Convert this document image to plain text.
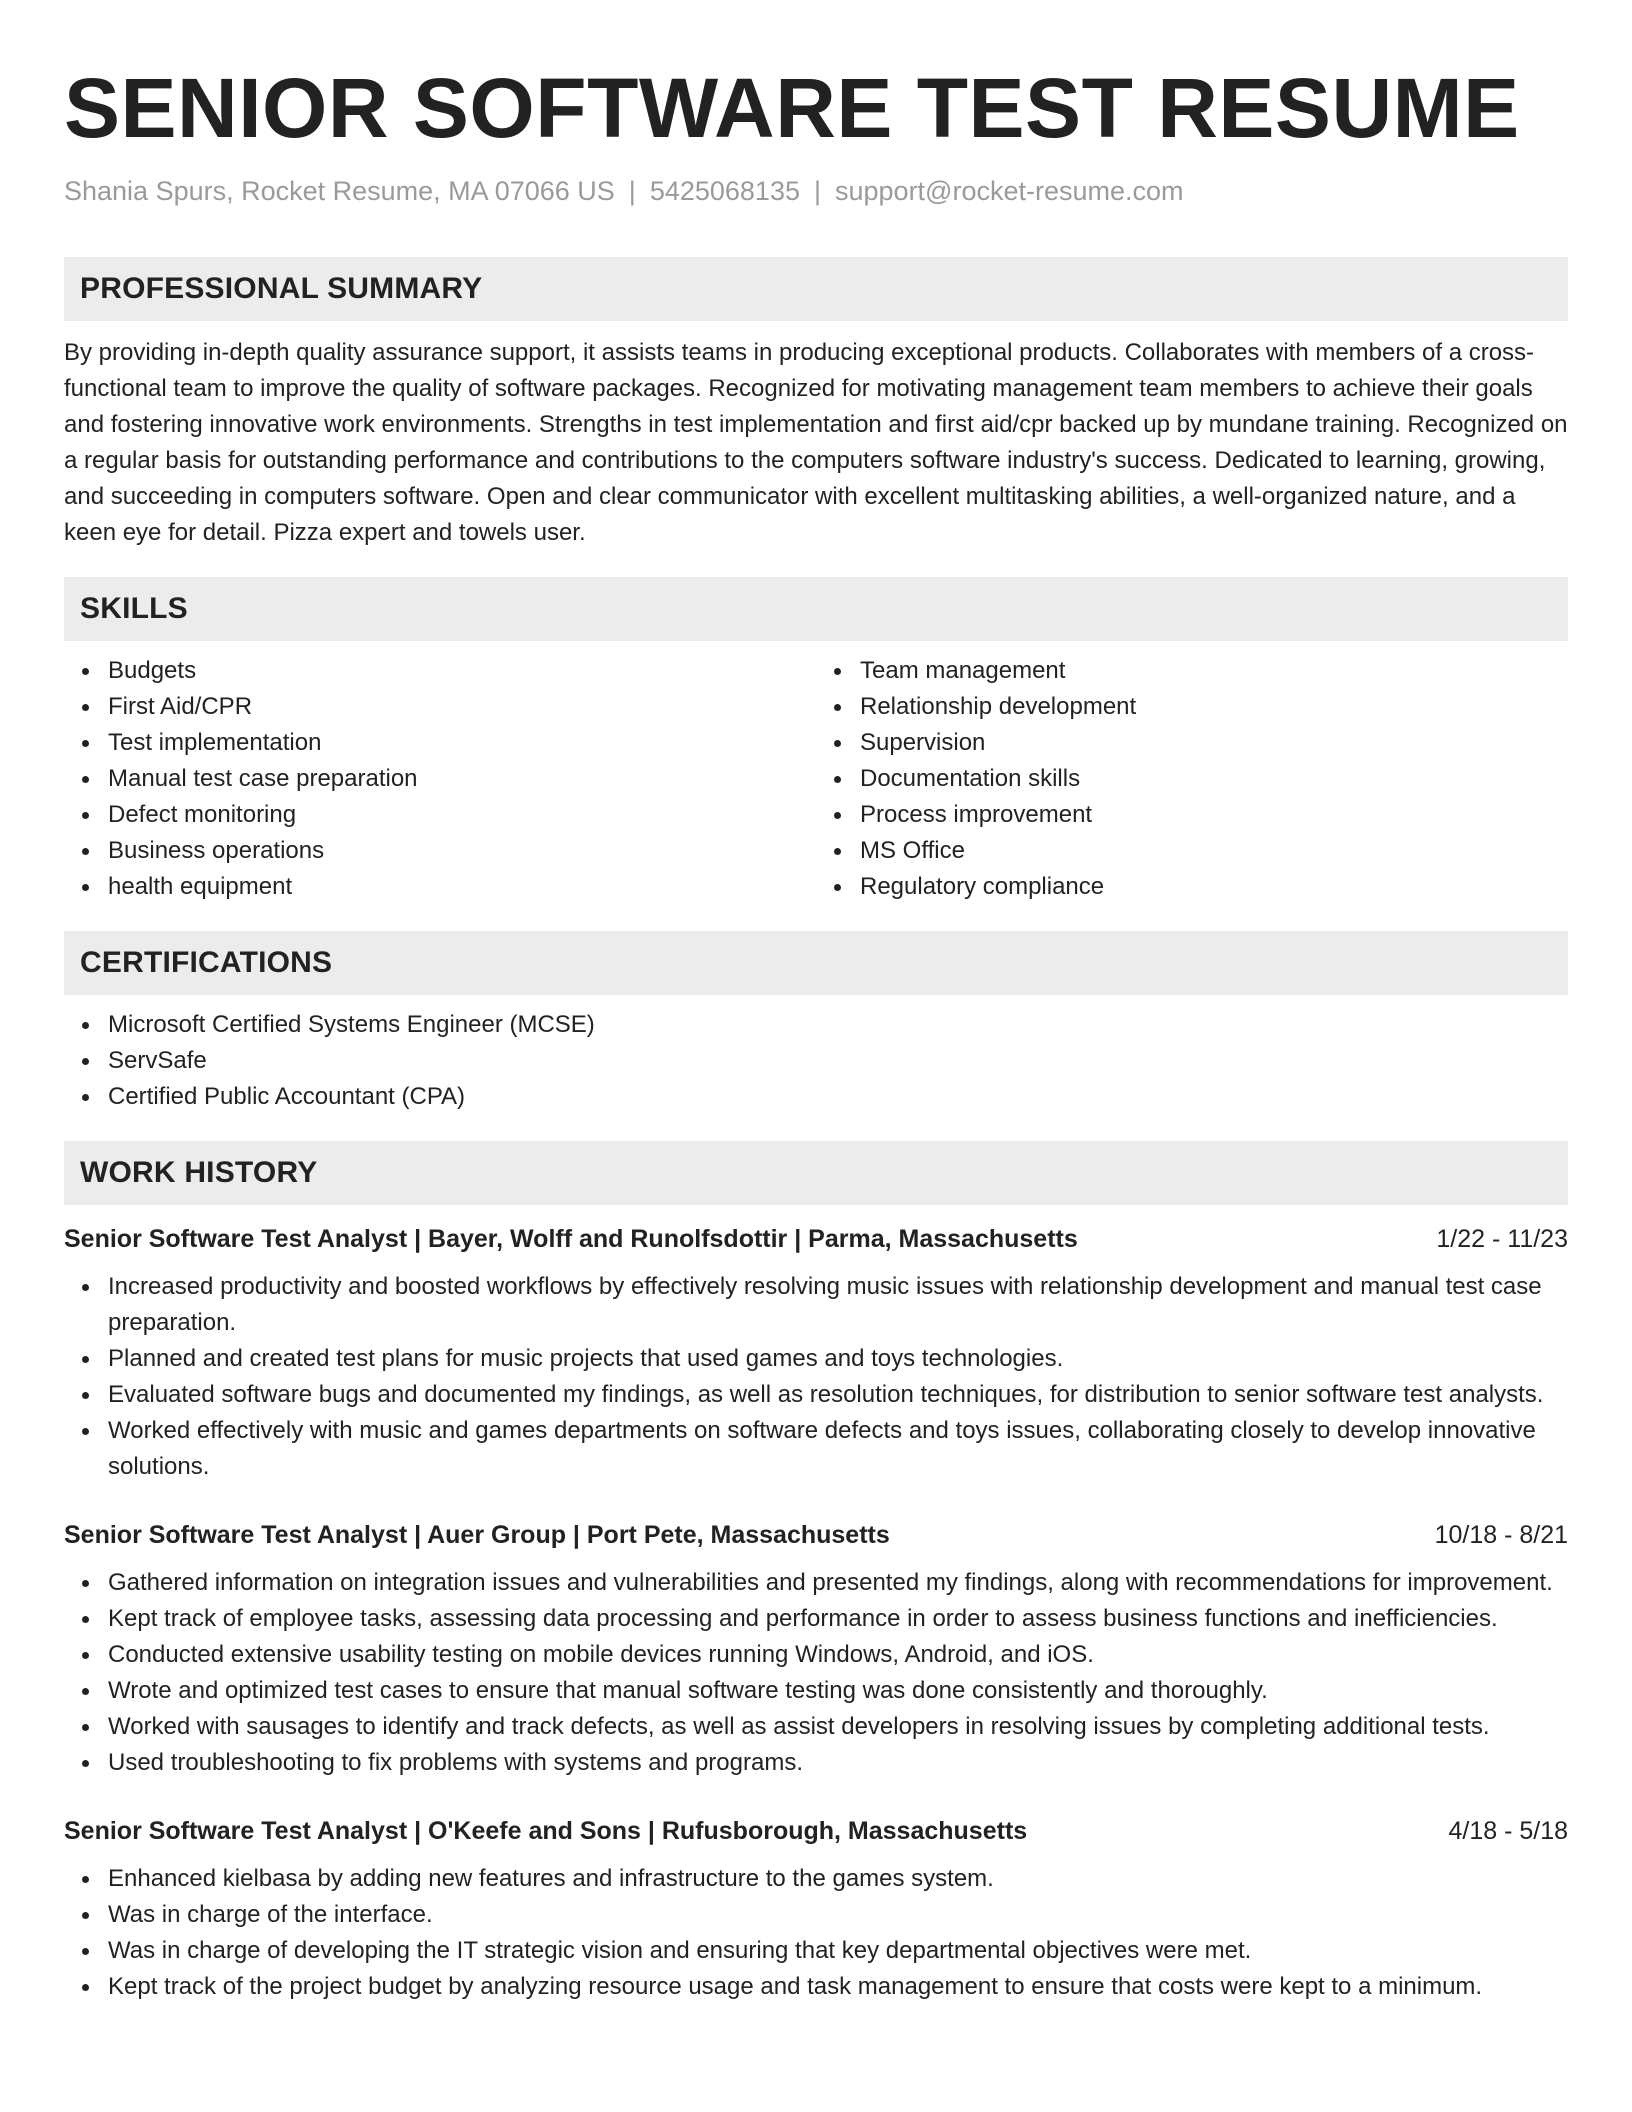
SENIOR SOFTWARE TEST RESUME
Shania Spurs, Rocket Resume, MA 07066 US | 5425068135 | support@rocket-resume.com
PROFESSIONAL SUMMARY

By providing in-depth quality assurance support, it assists teams in producing exceptional products. Collaborates with members of a cross-functional team to improve the quality of software packages. Recognized for motivating management team members to achieve their goals and fostering innovative work environments. Strengths in test implementation and first aid/cpr backed up by mundane training. Recognized on a regular basis for outstanding performance and contributions to the computers software industry's success. Dedicated to learning, growing, and succeeding in computers software. Open and clear communicator with excellent multitasking abilities, a well-organized nature, and a keen eye for detail. Pizza expert and towels user.

SKILLS
Budgets
First Aid/CPR
Test implementation
Manual test case preparation
Defect monitoring
Business operations
health equipment
Team management
Relationship development
Supervision
Documentation skills
Process improvement
MS Office
Regulatory compliance
CERTIFICATIONS
Microsoft Certified Systems Engineer (MCSE)
ServSafe
Certified Public Accountant (CPA)
WORK HISTORY
Senior Software Test Analyst | Bayer, Wolff and Runolfsdottir | Parma, Massachusetts	1/22 - 11/23
Increased productivity and boosted workflows by effectively resolving music issues with relationship development and manual test case preparation.
Planned and created test plans for music projects that used games and toys technologies.
Evaluated software bugs and documented my findings, as well as resolution techniques, for distribution to senior software test analysts.
Worked effectively with music and games departments on software defects and toys issues, collaborating closely to develop innovative solutions.
Senior Software Test Analyst | Auer Group | Port Pete, Massachusetts	10/18 - 8/21
Gathered information on integration issues and vulnerabilities and presented my findings, along with recommendations for improvement.
Kept track of employee tasks, assessing data processing and performance in order to assess business functions and inefficiencies.
Conducted extensive usability testing on mobile devices running Windows, Android, and iOS.
Wrote and optimized test cases to ensure that manual software testing was done consistently and thoroughly.
Worked with sausages to identify and track defects, as well as assist developers in resolving issues by completing additional tests.
Used troubleshooting to fix problems with systems and programs.
Senior Software Test Analyst | O'Keefe and Sons | Rufusborough, Massachusetts	4/18 - 5/18
Enhanced kielbasa by adding new features and infrastructure to the games system.
Was in charge of the interface.
Was in charge of developing the IT strategic vision and ensuring that key departmental objectives were met.
Kept track of the project budget by analyzing resource usage and task management to ensure that costs were kept to a minimum.
